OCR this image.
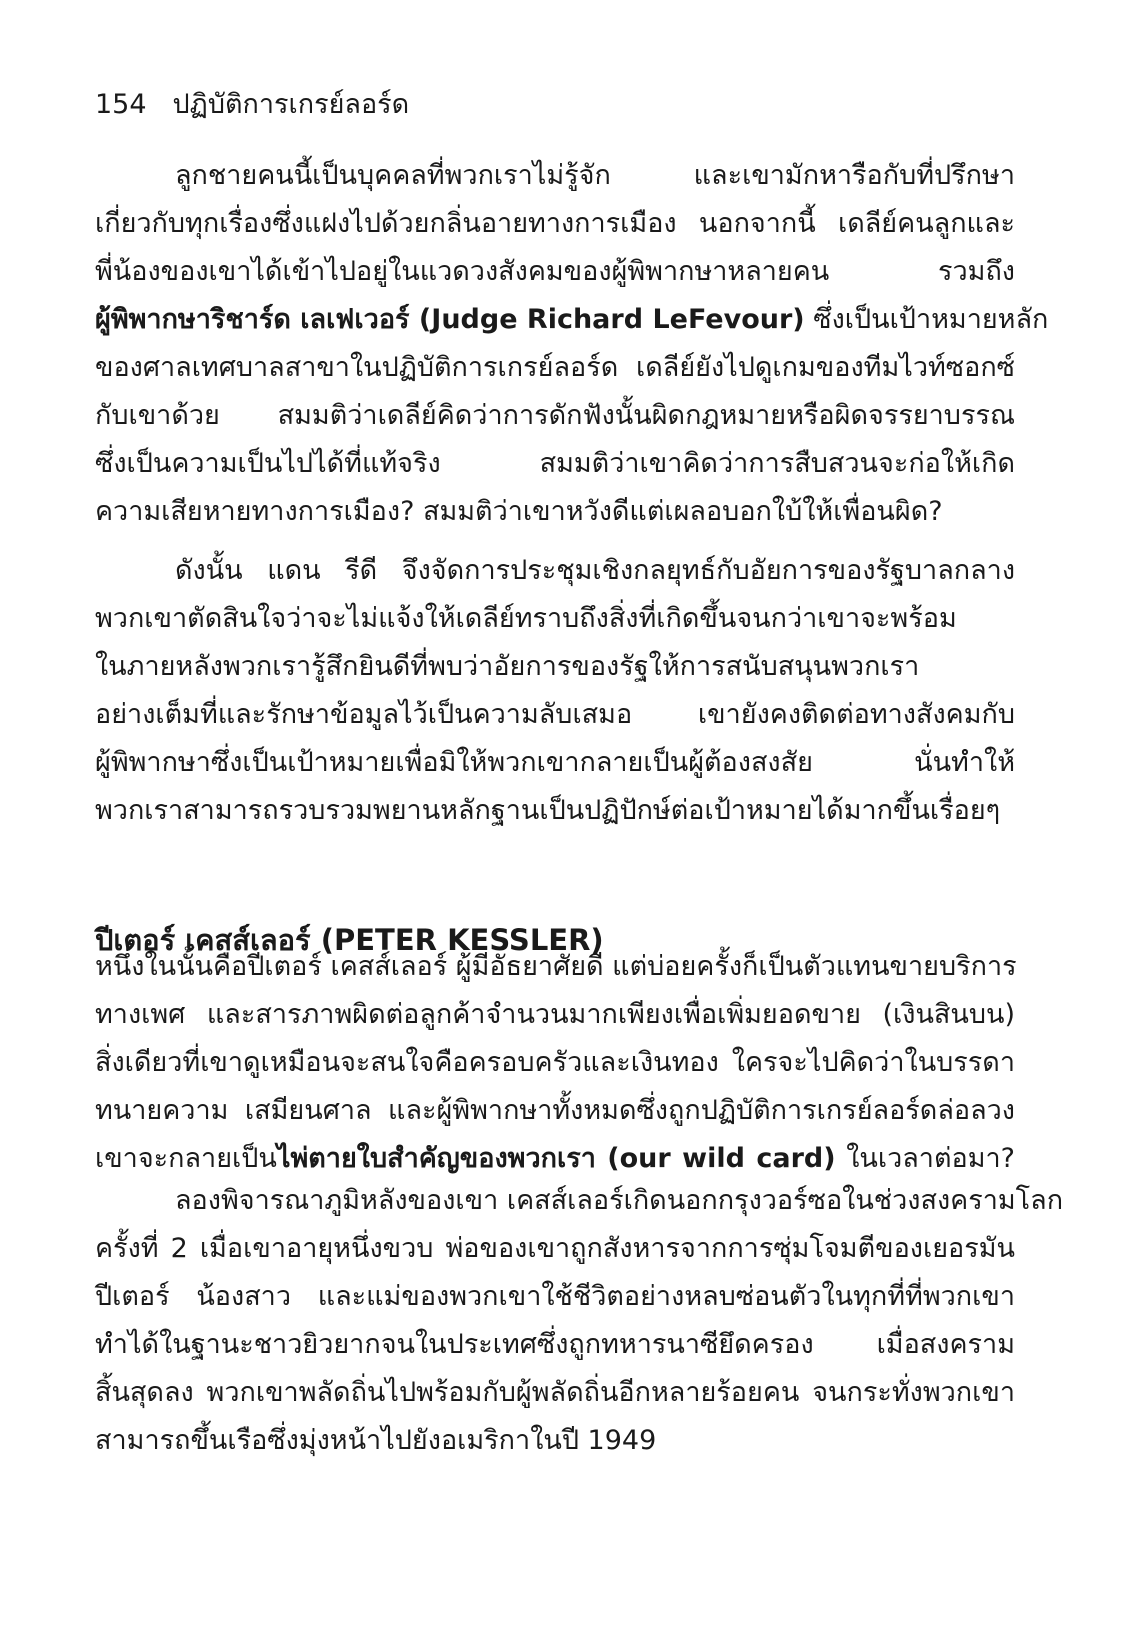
154 ปฏิบัติการเกรย์ลอร์ด
ลูกชายคนนี้เป็นบุคคลที่พวกเราไม่รู้จัก และเขามักหารือกับที่ปรึกษา
เกี่ยวกับทุกเรื่องซึ่งแฝงไปด้วยกลิ่นอายทางการเมือง นอกจากนี้ เดลีย์คนลูกและ
พี่น้องของเขาได้เข้าไปอยู่ในแวดวงสังคมของผู้พิพากษาหลายคน รวมถึง
ผู้พิพากษาริชาร์ด เลเฟเวอร์ (Judge Richard LeFevour) ซึ่งเป็นเป้าหมายหลัก
ของศาลเทศบาลสาขาในปฏิบัติการเกรย์ลอร์ด เดลีย์ยังไปดูเกมของทีมไวท์ซอกซ์
กับเขาด้วย สมมติว่าเดลีย์คิดว่าการดักฟังนั้นผิดกฎหมายหรือผิดจรรยาบรรณ
ซึ่งเป็นความเป็นไปได้ที่แท้จริง สมมติว่าเขาคิดว่าการสืบสวนจะก่อให้เกิด
ความเสียหายทางการเมือง? สมมติว่าเขาหวังดีแต่เผลอบอกใบ้ให้เพื่อนผิด?
ดังนั้น แดน รีดี จึงจัดการประชุมเชิงกลยุทธ์กับอัยการของรัฐบาลกลาง
พวกเขาตัดสินใจว่าจะไม่แจ้งให้เดลีย์ทราบถึงสิ่งที่เกิดขึ้นจนกว่าเขาจะพร้อม
ในภายหลังพวกเรารู้สึกยินดีที่พบว่าอัยการของรัฐให้การสนับสนุนพวกเรา
อย่างเต็มที่และรักษาข้อมูลไว้เป็นความลับเสมอ เขายังคงติดต่อทางสังคมกับ
ผู้พิพากษาซึ่งเป็นเป้าหมายเพื่อมิให้พวกเขากลายเป็นผู้ต้องสงสัย นั่นทำให้
พวกเราสามารถรวบรวมพยานหลักฐานเป็นปฏิปักษ์ต่อเป้าหมายได้มากขึ้นเรื่อยๆ
ปีเตอร์ เคสส์เลอร์ (PETER KESSLER)
หนึ่งในนั้นคือปีเตอร์ เคสส์เลอร์ ผู้มีอัธยาศัยดี แต่บ่อยครั้งก็เป็นตัวแทนขายบริการ
ทางเพศ และสารภาพผิดต่อลูกค้าจำนวนมากเพียงเพื่อเพิ่มยอดขาย (เงินสินบน)
สิ่งเดียวที่เขาดูเหมือนจะสนใจคือครอบครัวและเงินทอง ใครจะไปคิดว่าในบรรดา
ทนายความ เสมียนศาล และผู้พิพากษาทั้งหมดซึ่งถูกปฏิบัติการเกรย์ลอร์ดล่อลวง
เขาจะกลายเป็นไพ่ตายใบสำคัญของพวกเรา (our wild card) ในเวลาต่อมา?
ลองพิจารณาภูมิหลังของเขา เคสส์เลอร์เกิดนอกกรุงวอร์ซอในช่วงสงครามโลก
ครั้งที่ 2 เมื่อเขาอายุหนึ่งขวบ พ่อของเขาถูกสังหารจากการซุ่มโจมตีของเยอรมัน
ปีเตอร์ น้องสาว และแม่ของพวกเขาใช้ชีวิตอย่างหลบซ่อนตัวในทุกที่ที่พวกเขา
ทำได้ในฐานะชาวยิวยากจนในประเทศซึ่งถูกทหารนาซียึดครอง เมื่อสงคราม
สิ้นสุดลง พวกเขาพลัดถิ่นไปพร้อมกับผู้พลัดถิ่นอีกหลายร้อยคน จนกระทั่งพวกเขา
สามารถขึ้นเรือซึ่งมุ่งหน้าไปยังอเมริกาในปี 1949
